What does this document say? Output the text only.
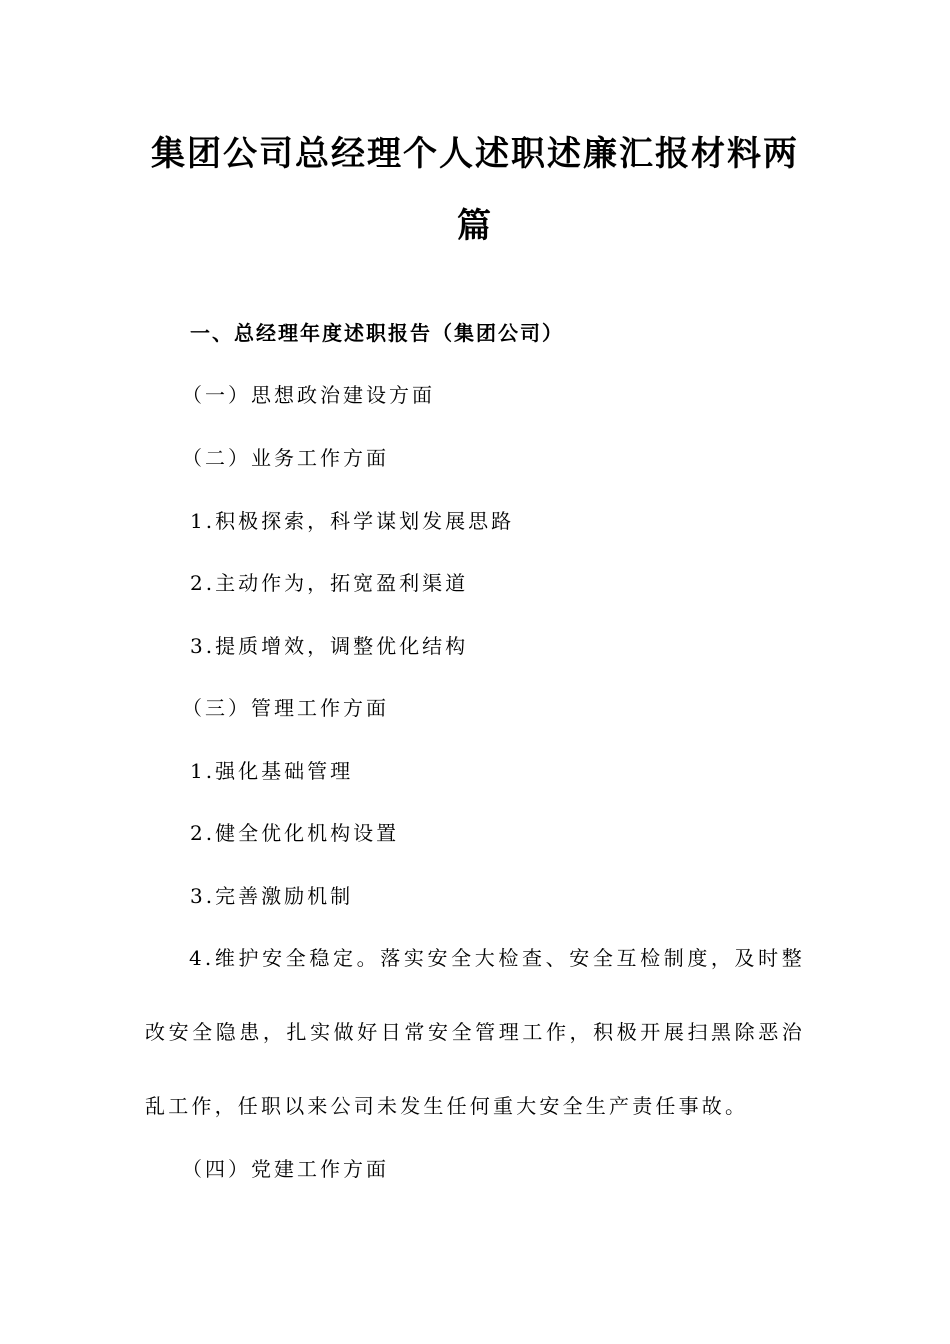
集团公司总经理个人述职述廉汇报材料两
篇
一、总经理年度述职报告（集团公司）
（一）思想政治建设方面
（二）业务工作方面
1.积极探索，科学谋划发展思路
2.主动作为，拓宽盈利渠道
3.提质增效，调整优化结构
（三）管理工作方面
1.强化基础管理
2.健全优化机构设置
3.完善激励机制
4.维护安全稳定。落实安全大检查、安全互检制度，及时整改安全隐患，扎实做好日常安全管理工作，积极开展扫黑除恶治乱工作，任职以来公司未发生任何重大安全生产责任事故。
（四）党建工作方面
